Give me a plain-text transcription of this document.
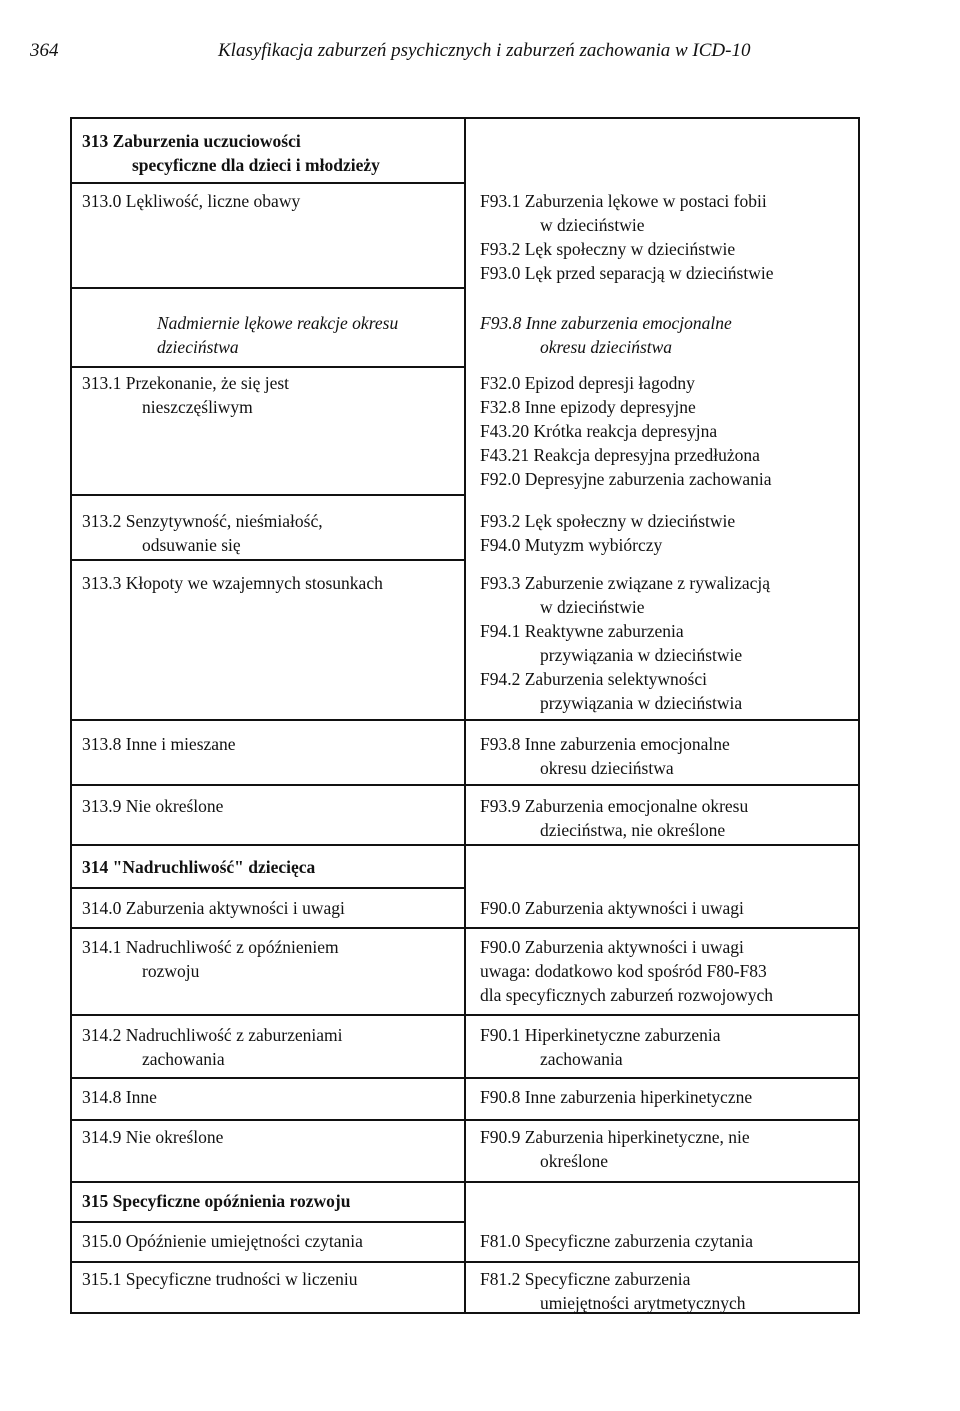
364	Klasyfikacja zaburzeń psychicznych i zaburzeń zachowania w ICD-10
313 Zaburzenia uczuciowości
specyficzne dla dzieci i młodzieży
313.0 Lękliwość, liczne obawy
Nadmiernie lękowe reakcje okresu
dzieciństwa
313.1 Przekonanie, że się jest
nieszczęśliwym
313.2 Senzytywność, nieśmiałość,
odsuwanie się
313.3 Kłopoty we wzajemnych stosunkach
313.8 Inne i mieszane
313.9 Nie określone
314 "Nadruchliwość" dziecięca
314.0 Zaburzenia aktywności i uwagi
314.1 Nadruchliwość z opóźnieniem
rozwoju
314.2 Nadruchliwość z zaburzeniami
zachowania
314.8 Inne
314.9 Nie określone
315 Specyficzne opóźnienia rozwoju
315.0 Opóźnienie umiejętności czytania
315.1 Specyficzne trudności w liczeniu
F93.1 Zaburzenia lękowe w postaci fobii
w dzieciństwie
F93.2 Lęk społeczny w dzieciństwie
F93.0 Lęk przed separacją w dzieciństwie
F93.8 Inne zaburzenia emocjonalne
okresu dzieciństwa
F32.0 Epizod depresji łagodny
F32.8 Inne epizody depresyjne
F43.20 Krótka reakcja depresyjna
F43.21 Reakcja depresyjna przedłużona
F92.0 Depresyjne zaburzenia zachowania
F93.2 Lęk społeczny w dzieciństwie
F94.0 Mutyzm wybiórczy
F93.3 Zaburzenie związane z rywalizacją
w dzieciństwie
F94.1 Reaktywne zaburzenia
przywiązania w dzieciństwie
F94.2 Zaburzenia selektywności
przywiązania w dzieciństwia
F93.8 Inne zaburzenia emocjonalne
okresu dzieciństwa
F93.9 Zaburzenia emocjonalne okresu
dzieciństwa, nie określone
F90.0 Zaburzenia aktywności i uwagi
F90.0 Zaburzenia aktywności i uwagi
uwaga: dodatkowo kod spośród F80-F83
dla specyficznych zaburzeń rozwojowych
F90.1 Hiperkinetyczne zaburzenia
zachowania
F90.8 Inne zaburzenia hiperkinetyczne
F90.9 Zaburzenia hiperkinetyczne, nie
określone
F81.0 Specyficzne zaburzenia czytania
F81.2 Specyficzne zaburzenia
umiejętności arytmetycznych
